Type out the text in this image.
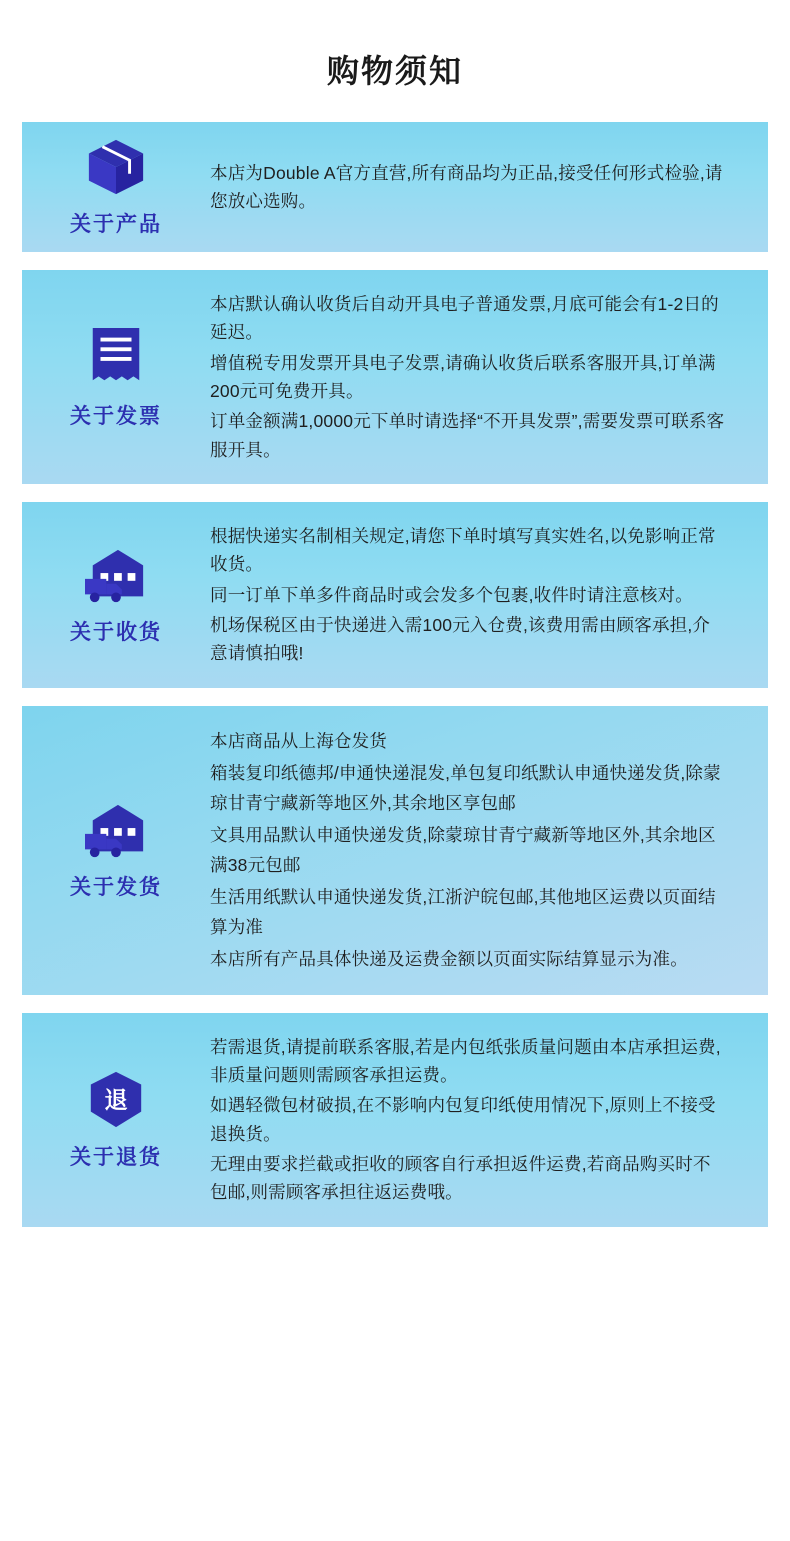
购物须知
关于产品

本店为Double A官方直营,所有商品均为正品,接受任何形式检验,请您放心选购。

关于发票

本店默认确认收货后自动开具电子普通发票,月底可能会有1-2日的延迟。

增值税专用发票开具电子发票,请确认收货后联系客服开具,订单满200元可免费开具。

订单金额满1,0000元下单时请选择“不开具发票”,需要发票可联系客服开具。

关于收货

根据快递实名制相关规定,请您下单时填写真实姓名,以免影响正常收货。

同一订单下单多件商品时或会发多个包裹,收件时请注意核对。

机场保税区由于快递进入需100元入仓费,该费用需由顾客承担,介意请慎拍哦!

关于发货

本店商品从上海仓发货

箱装复印纸德邦/申通快递混发,单包复印纸默认申通快递发货,除蒙琼甘青宁藏新等地区外,其余地区享包邮

文具用品默认申通快递发货,除蒙琼甘青宁藏新等地区外,其余地区满38元包邮

生活用纸默认申通快递发货,江浙沪皖包邮,其他地区运费以页面结算为准

本店所有产品具体快递及运费金额以页面实际结算显示为准。

退
关于退货

若需退货,请提前联系客服,若是内包纸张质量问题由本店承担运费,非质量问题则需顾客承担运费。

如遇轻微包材破损,在不影响内包复印纸使用情况下,原则上不接受退换货。

无理由要求拦截或拒收的顾客自行承担返件运费,若商品购买时不包邮,则需顾客承担往返运费哦。
